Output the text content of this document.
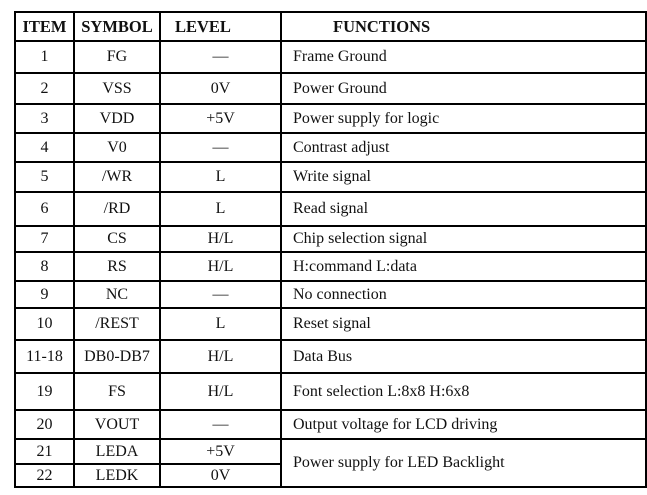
ITEM	SYMBOL	LEVEL	FUNCTIONS
1	FG	—	Frame Ground
2	VSS	0V	Power Ground
3	VDD	+5V	Power supply for logic
4	V0	—	Contrast adjust
5	/WR	L	Write signal
6	/RD	L	Read signal
7	CS	H/L	Chip selection signal
8	RS	H/L	H:command L:data
9	NC	—	No connection
10	/REST	L	Reset signal
11-18	DB0-DB7	H/L	Data Bus
19	FS	H/L	Font selection L:8x8 H:6x8
20	VOUT	—	Output voltage for LCD driving
21	LEDA	+5V	Power supply for LED Backlight
22	LEDK	0V	
